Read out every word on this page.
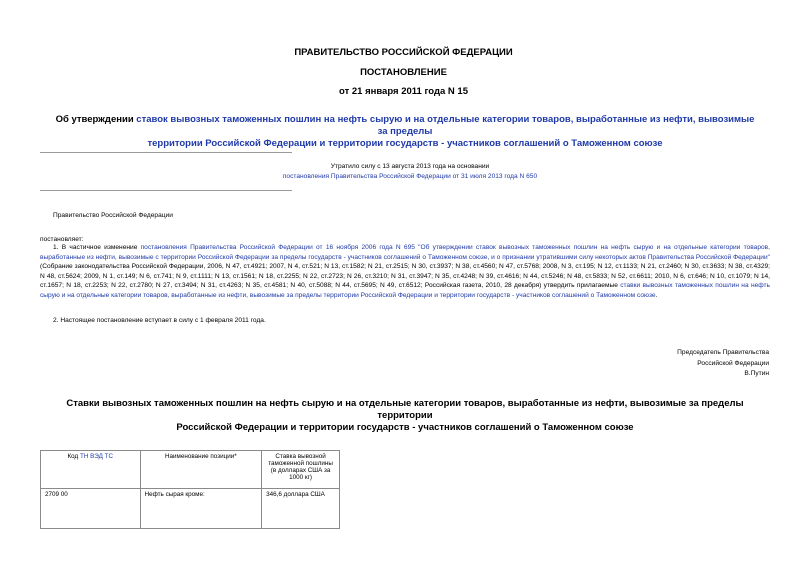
ПРАВИТЕЛЬСТВО РОССИЙСКОЙ ФЕДЕРАЦИИ
ПОСТАНОВЛЕНИЕ
от 21 января 2011 года N 15
Об утверждении ставок вывозных таможенных пошлин на нефть сырую и на отдельные категории товаров, выработанные из нефти, вывозимые за пределы
территории Российской Федерации и территории государств - участников соглашений о Таможенном союзе
Утратило силу с 13 августа 2013 года на основании
постановления Правительства Российской Федерации от 31 июля 2013 года N 650
Правительство Российской Федерации
постановляет:
1. В частичное изменение постановления Правительства Российской Федерации от 16 ноября 2006 года N 695 "Об утверждении ставок вывозных таможенных пошлин на нефть сырую и на отдельные категории товаров, выработанные из нефти, вывозимые с территории Российской Федерации за пределы государств - участников соглашений о Таможенном союзе, и о признании утратившими силу некоторых актов Правительства Российской Федерации" (Собрание законодательства Российской Федерации, 2006, N 47, ст.4921; 2007, N 4, ст.521; N 13, ст.1582; N 21, ст.2515; N 30, ст.3937; N 38, ст.4560; N 47, ст.5768; 2008, N 3, ст.195; N 12, ст.1133; N 21, ст.2460; N 30, ст.3633; N 38, ст.4329; N 48, ст.5624; 2009, N 1, ст.149; N 6, ст.741; N 9, ст.1111; N 13, ст.1561; N 18, ст.2255; N 22, ст.2723; N 26, ст.3210; N 31, ст.3947; N 35, ст.4248; N 39, ст.4616; N 44, ст.5246; N 48, ст.5833; N 52, ст.6611; 2010, N 6, ст.646; N 10, ст.1079; N 14, ст.1657; N 18, ст.2253; N 22, ст.2780; N 27, ст.3494; N 31, ст.4263; N 35, ст.4581; N 40, ст.5088; N 44, ст.5695; N 49, ст.6512; Российская газета, 2010, 28 декабря) утвердить прилагаемые ставки вывозных таможенных пошлин на нефть сырую и на отдельные категории товаров, выработанные из нефти, вывозимые за пределы территории Российской Федерации и территории государств - участников соглашений о Таможенном союзе.
2. Настоящее постановление вступает в силу с 1 февраля 2011 года.
Председатель Правительства
Российской Федерации
В.Путин
Ставки вывозных таможенных пошлин на нефть сырую и на отдельные категории товаров, выработанные из нефти, вывозимые за пределы территории
Российской Федерации и территории государств - участников соглашений о Таможенном союзе
Код ТН ВЭД ТС	Наименование позиции*	Ставка вывозной таможенной пошлины (в долларах США за 1000 кг)
2709 00	Нефть сырая кроме:	346,6 доллара США
